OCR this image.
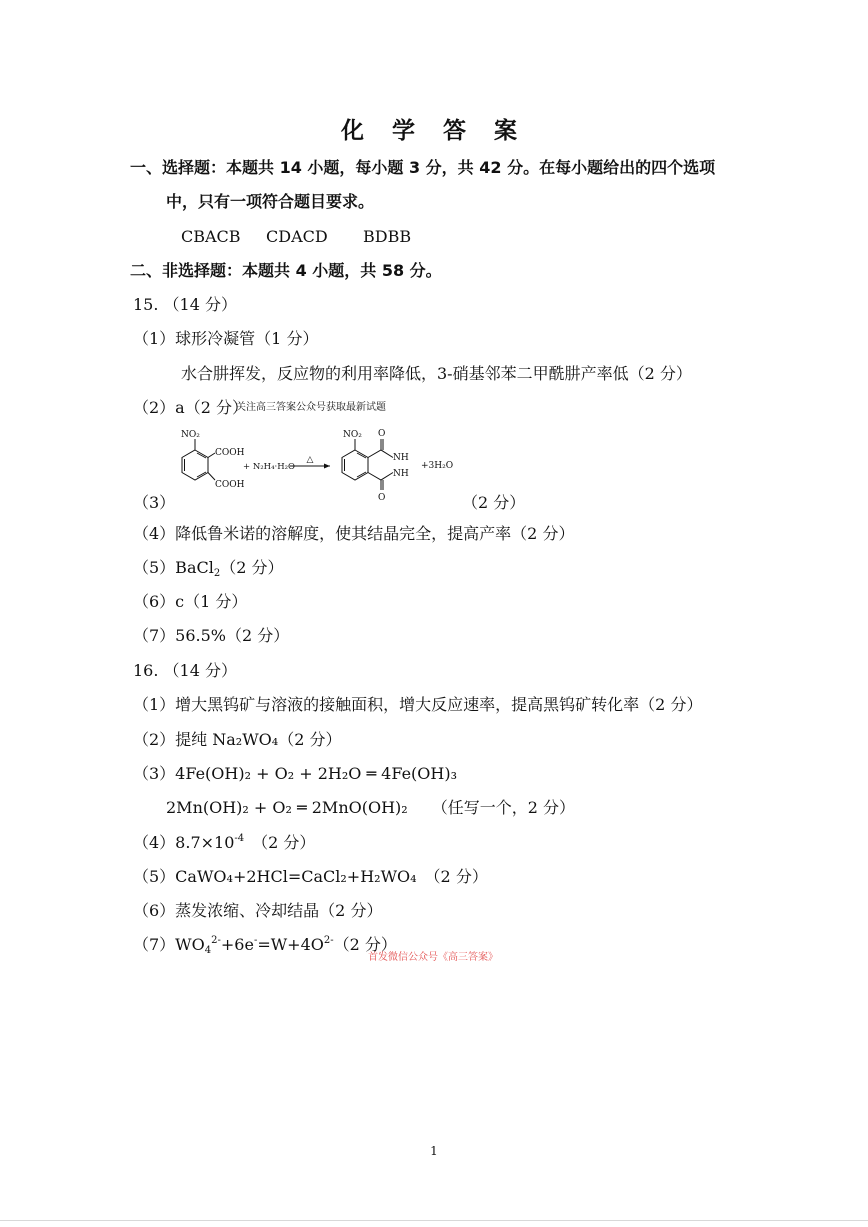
化 学 答 案
一、选择题：本题共 14 小题，每小题 3 分，共 42 分。在每小题给出的四个选项
中，只有一项符合题目要求。
CBACB CDACD BDBB
二、非选择题：本题共 4 小题，共 58 分。
15. （14 分）
（1）球形冷凝管（1 分）
水合肼挥发，反应物的利用率降低，3-硝基邻苯二甲酰肼产率低（2 分）
（2）a（2 分）
关注高三答案公众号获取最新试题
NO₂
COOH
COOH
+ N₂H₄·H₂O
△
NO₂ O
O
NH
NH
+3H₂O
（3）	（2 分）
（4）降低鲁米诺的溶解度，使其结晶完全，提高产率（2 分）
（5）BaCl$_2$（2 分）
（6）c（1 分）
（7）56.5%（2 分）
16. （14 分）
（1）增大黑钨矿与溶液的接触面积，增大反应速率，提高黑钨矿转化率（2 分）
（2）提纯 Na₂WO₄（2 分）
（3）4Fe(OH)₂ + O₂ + 2H₂O ═ 4Fe(OH)₃
2Mn(OH)₂ + O₂ ═ 2MnO(OH)₂　　（任写一个，2 分）
$(4)8.7\times 10^{-4}$　（2 分）
（5）CaWO₄+2HCl=CaCl₂+H₂WO₄　（2 分）
（6）蒸发浓缩、冷却结晶（2 分）
$(7)WO_4^{2-}+6e^-=W+4O^{2-}(2$ 分）
首发微信公众号《高三答案》
1
